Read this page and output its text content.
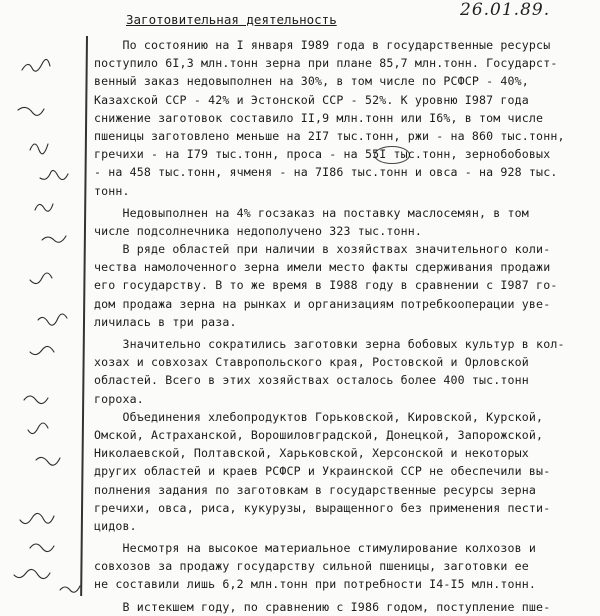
26.01.89.
Заготовительная деятельность
По состоянию на I января I989 года в государственные ресурсы
поступило 6I,3 млн.тонн зерна при плане 85,7 млн.тонн. Государст-
венный заказ недовыполнен на 30%, в том числе по РСФСР - 40%,
Казахской ССР - 42% и Эстонской ССР - 52%. К уровню I987 года
снижение заготовок составило II,9 млн.тонн или I6%, в том числе
пшеницы заготовлено меньше на 2I7 тыс.тонн, ржи - на 860 тыс.тонн,
гречихи - на I79 тыс.тонн, проса - на 55I тыс.тонн, зернобобовых
- на 458 тыс.тонн, ячменя - на 7I86 тыс.тонн и овса - на 928 тыс.
тонн.
Недовыполнен на 4% госзаказ на поставку маслосемян, в том
числе подсолнечника недополучено 323 тыс.тонн.
В ряде областей при наличии в хозяйствах значительного коли-
чества намолоченного зерна имели место факты сдерживания продажи
его государству. В то же время в I988 году в сравнении с I987 го-
дом продажа зерна на рынках и организациям потребкооперации уве-
личилась в три раза.
Значительно сократились заготовки зерна бобовых культур в кол-
хозах и совхозах Ставропольского края, Ростовской и Орловской
областей. Всего в этих хозяйствах осталось более 400 тыс.тонн
гороха.
Объединения хлебопродуктов Горьковской, Кировской, Курской,
Омской, Астраханской, Ворошиловградской, Донецкой, Запорожской,
Николаевской, Полтавской, Харьковской, Херсонской и некоторых
других областей и краев РСФСР и Украинской ССР не обеспечили вы-
полнения задания по заготовкам в государственные ресурсы зерна
гречихи, овса, риса, кукурузы, выращенного без применения пести-
цидов.
Несмотря на высокое материальное стимулирование колхозов и
совхозов за продажу государству сильной пшеницы, заготовки ее
не составили лишь 6,2 млн.тонн при потребности I4-I5 млн.тонн.
В истекшем году, по сравнению с I986 годом, поступление пше-
